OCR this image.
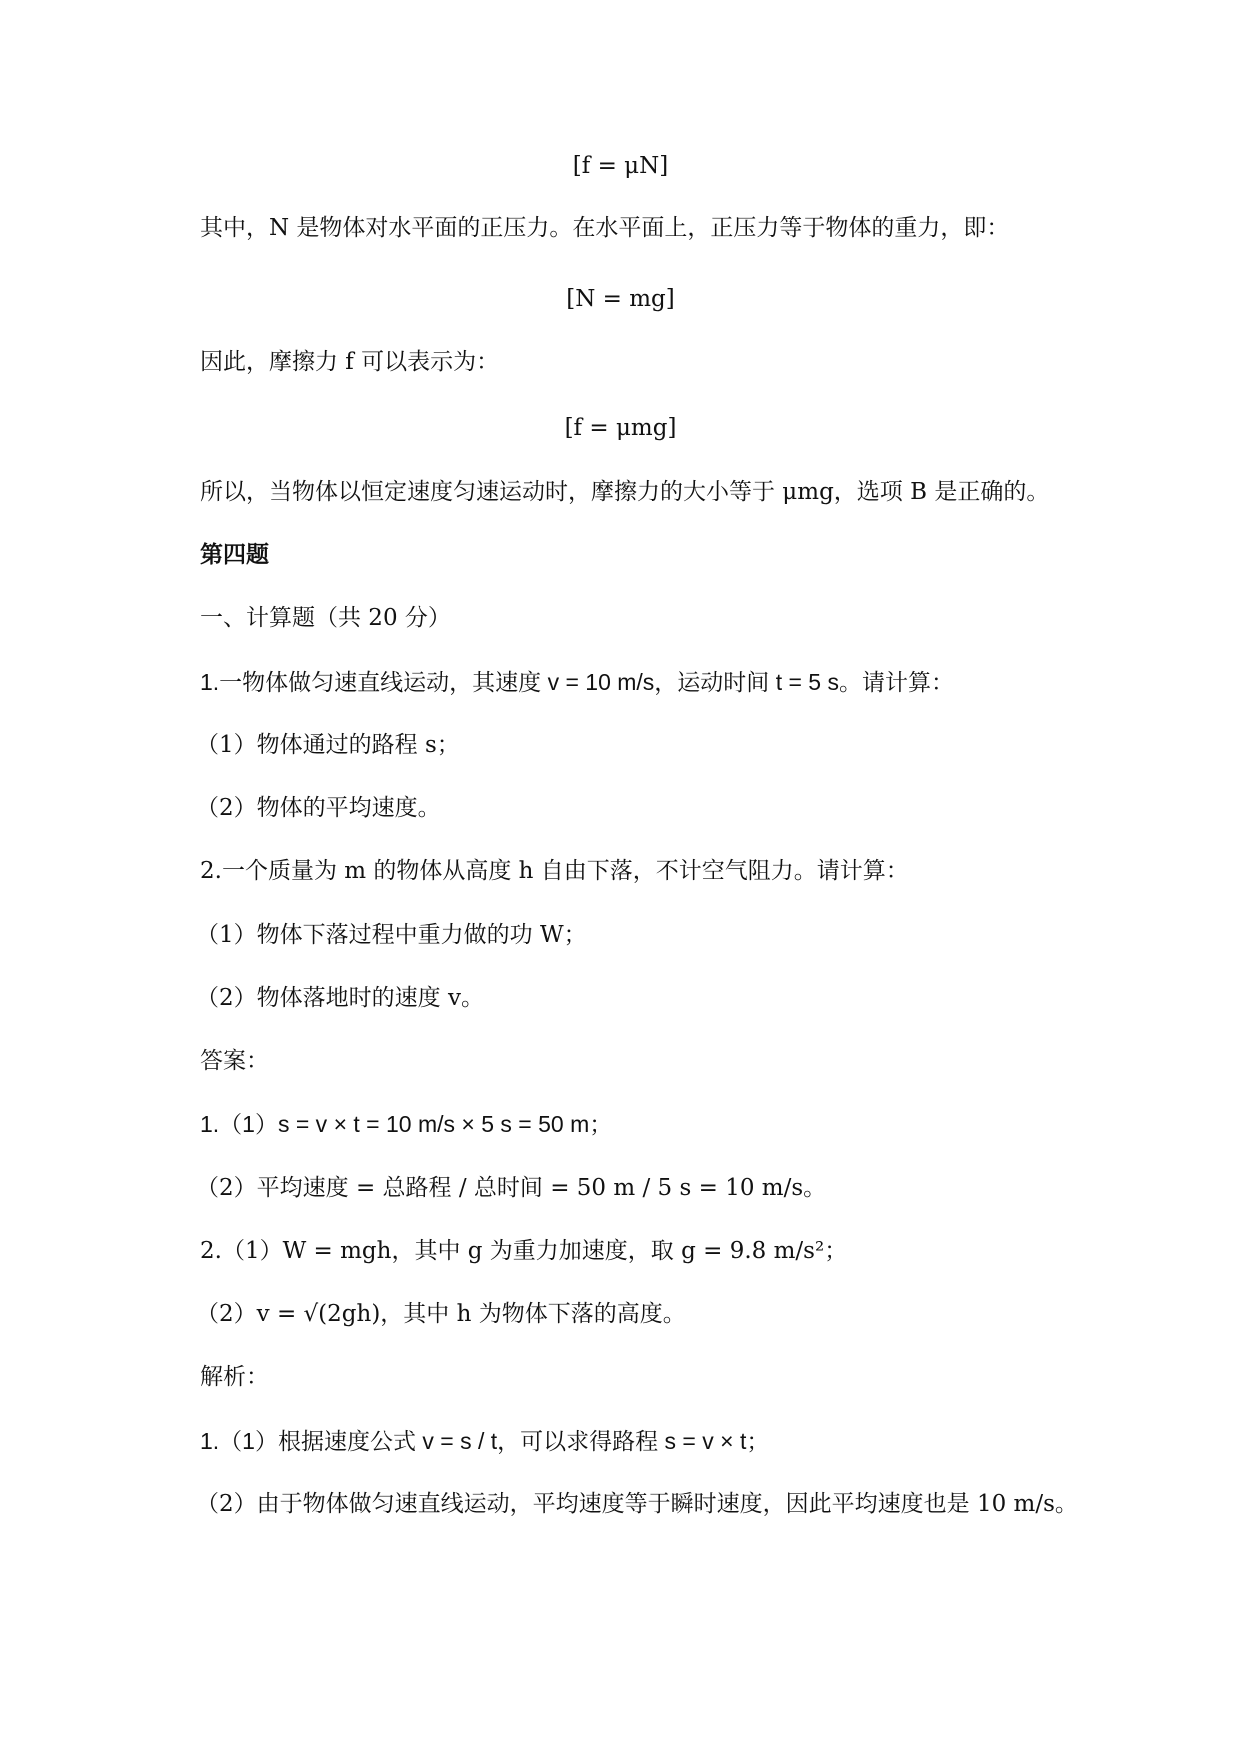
[f = μN]
其中，N 是物体对水平面的正压力。在水平面上，正压力等于物体的重力，即：
[N = mg]
因此，摩擦力 f 可以表示为：
[f = μmg]
所以，当物体以恒定速度匀速运动时，摩擦力的大小等于 μmg，选项 B 是正确的。
第四题
一、计算题（共 20 分）
1.一物体做匀速直线运动，其速度 v = 10 m/s，运动时间 t = 5 s。请计算：
（1）物体通过的路程 s；
（2）物体的平均速度。
2.一个质量为 m 的物体从高度 h 自由下落，不计空气阻力。请计算：
（1）物体下落过程中重力做的功 W；
（2）物体落地时的速度 v。
答案：
1.（1）s = v × t = 10 m/s × 5 s = 50 m；
（2）平均速度 = 总路程 / 总时间 = 50 m / 5 s = 10 m/s。
2.（1）W = mgh，其中 g 为重力加速度，取 g = 9.8 m/s²；
（2）v = √(2gh)，其中 h 为物体下落的高度。
解析：
1.（1）根据速度公式 v = s / t，可以求得路程 s = v × t；
（2）由于物体做匀速直线运动，平均速度等于瞬时速度，因此平均速度也是 10 m/s。
